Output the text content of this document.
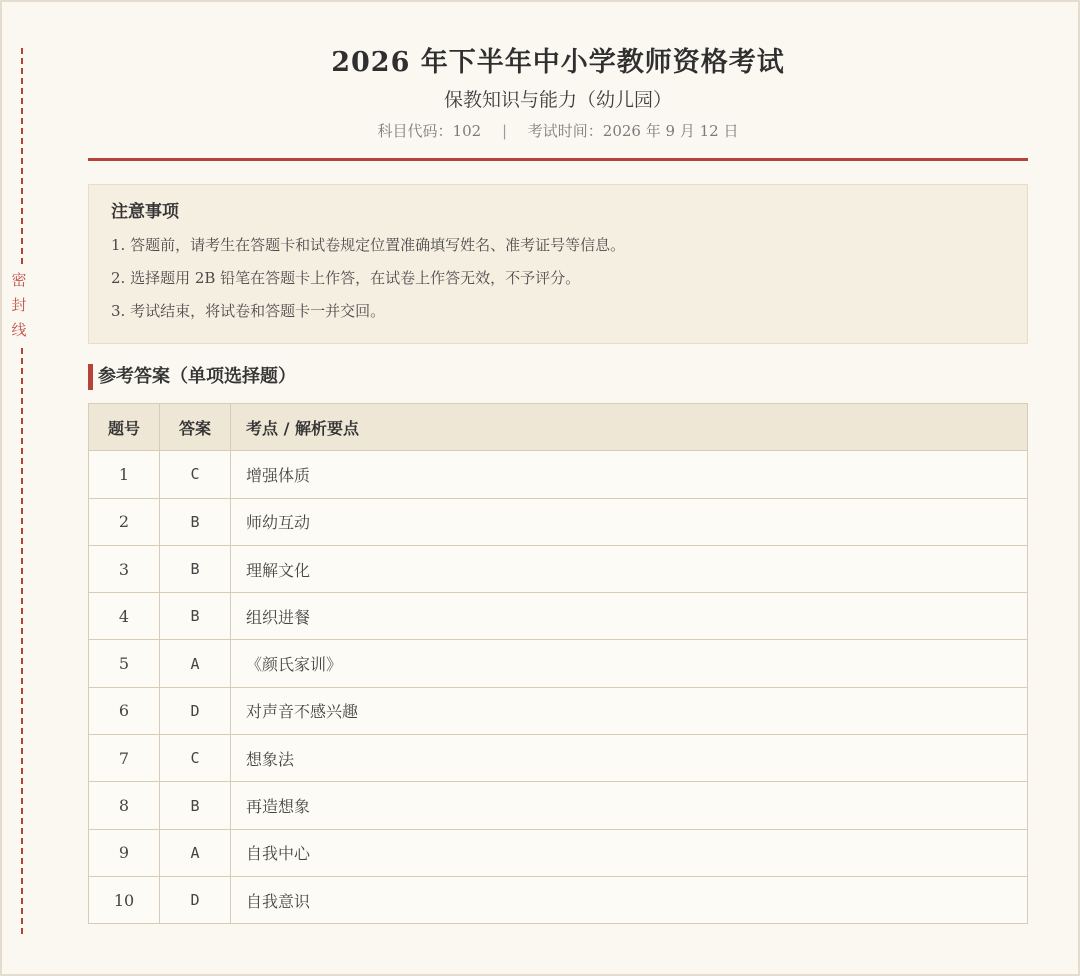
密
封
线
2026 年下半年中小学教师资格考试
保教知识与能力（幼儿园）
科目代码：102 | 考试时间：2026 年 9 月 12 日
注意事项
1. 答题前，请考生在答题卡和试卷规定位置准确填写姓名、准考证号等信息。
2. 选择题用 2B 铅笔在答题卡上作答，在试卷上作答无效，不予评分。
3. 考试结束，将试卷和答题卡一并交回。
参考答案（单项选择题）
题号	答案	考点 / 解析要点
1	C	增强体质
2	B	师幼互动
3	B	理解文化
4	B	组织进餐
5	A	《颜氏家训》
6	D	对声音不感兴趣
7	C	想象法
8	B	再造想象
9	A	自我中心
10	D	自我意识
